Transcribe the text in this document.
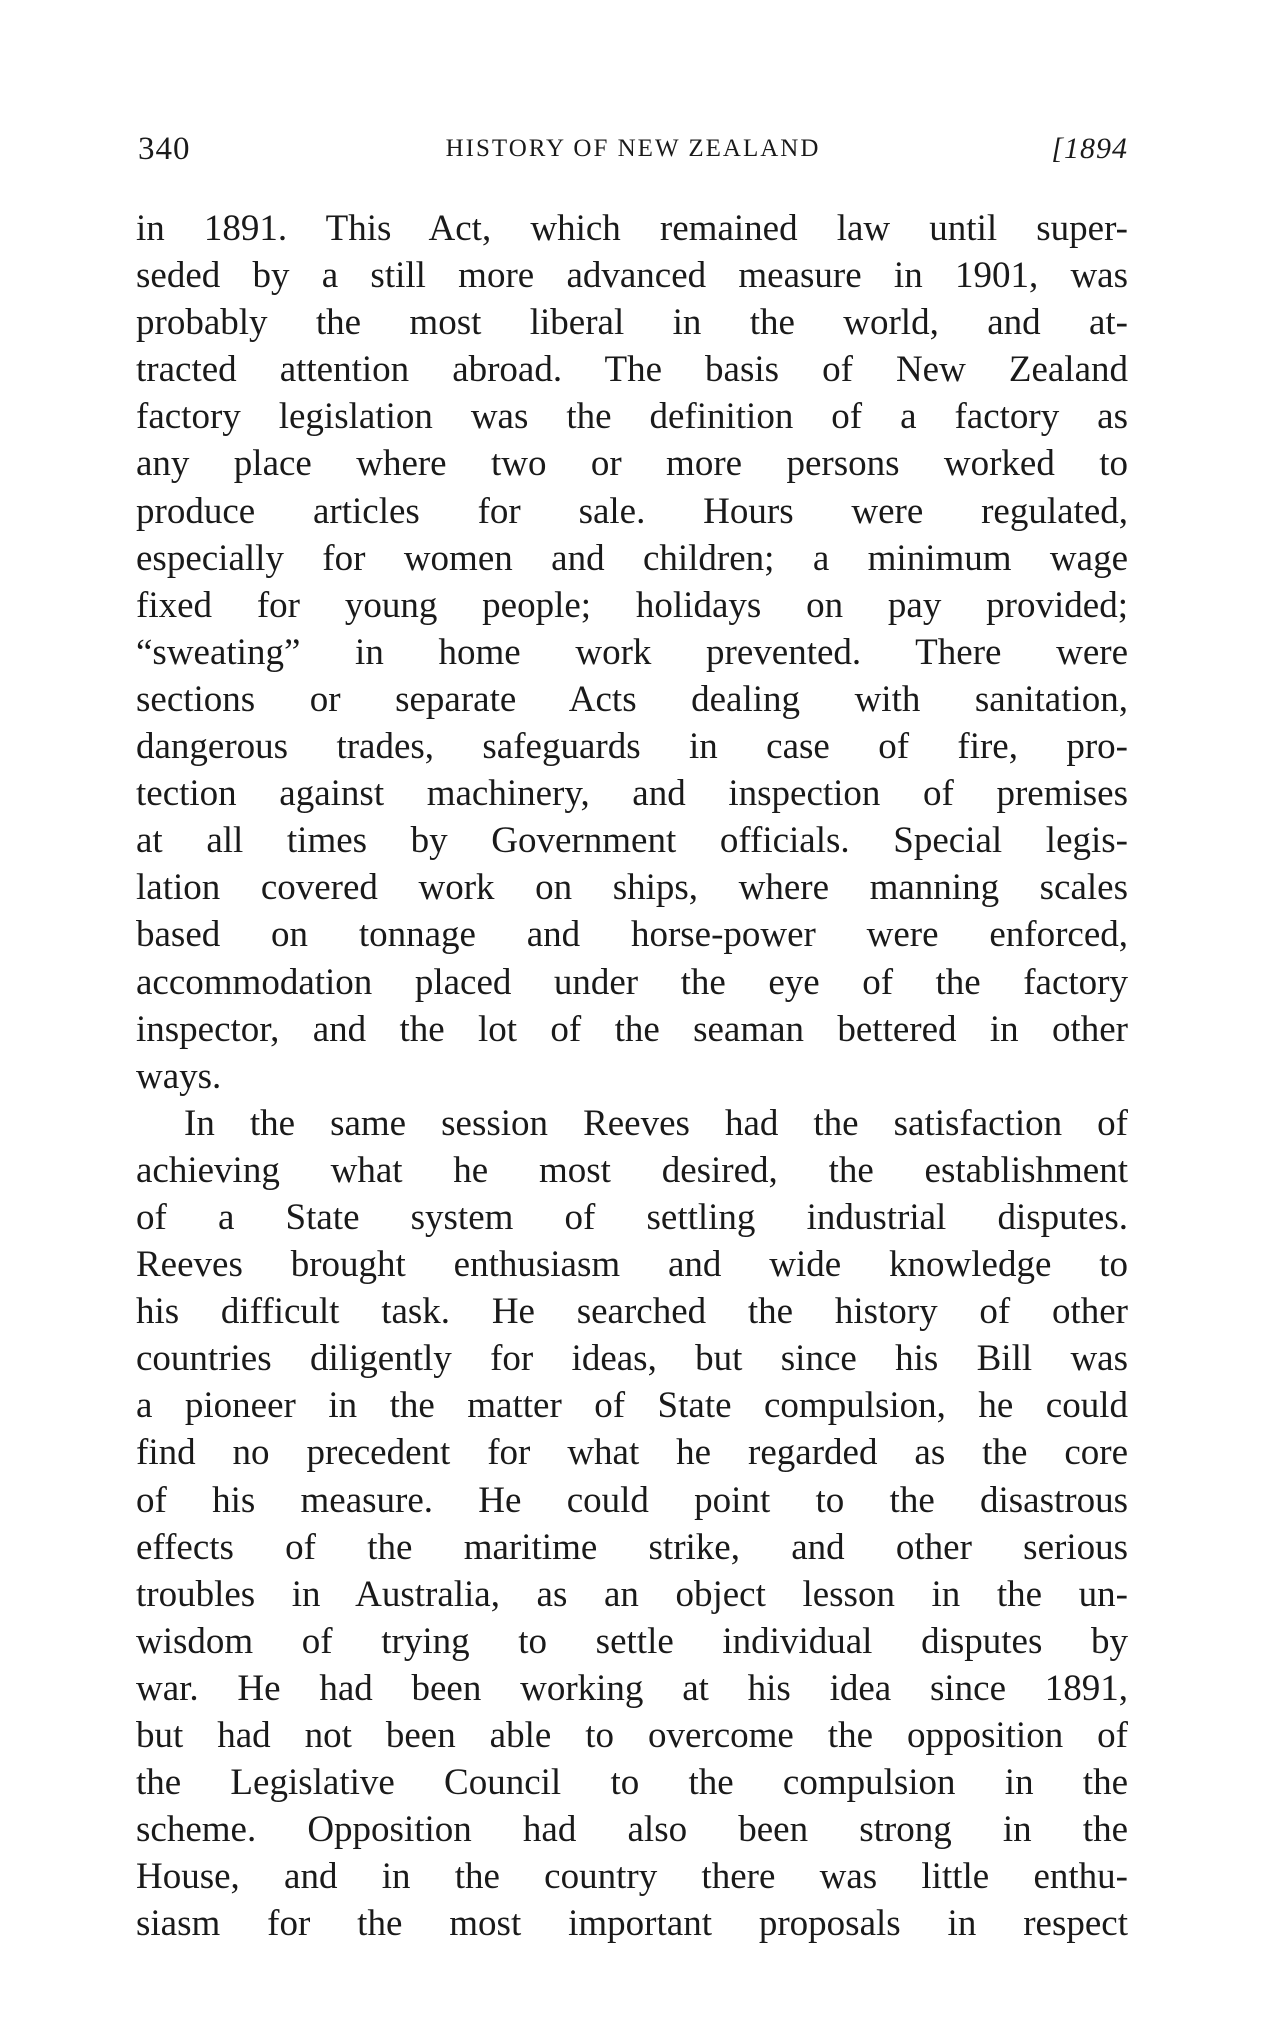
340	HISTORY OF NEW ZEALAND	[1894
in 1891. This Act, which remained law until super-
seded by a still more advanced measure in 1901, was
probably the most liberal in the world, and at-
tracted attention abroad. The basis of New Zealand
factory legislation was the definition of a factory as
any place where two or more persons worked to
produce articles for sale. Hours were regulated,
especially for women and children; a minimum wage
fixed for young people; holidays on pay provided;
“sweating” in home work prevented. There were
sections or separate Acts dealing with sanitation,
dangerous trades, safeguards in case of fire, pro-
tection against machinery, and inspection of premises
at all times by Government officials. Special legis-
lation covered work on ships, where manning scales
based on tonnage and horse-power were enforced,
accommodation placed under the eye of the factory
inspector, and the lot of the seaman bettered in other
ways.
In the same session Reeves had the satisfaction of
achieving what he most desired, the establishment
of a State system of settling industrial disputes.
Reeves brought enthusiasm and wide knowledge to
his difficult task. He searched the history of other
countries diligently for ideas, but since his Bill was
a pioneer in the matter of State compulsion, he could
find no precedent for what he regarded as the core
of his measure. He could point to the disastrous
effects of the maritime strike, and other serious
troubles in Australia, as an object lesson in the un-
wisdom of trying to settle individual disputes by
war. He had been working at his idea since 1891,
but had not been able to overcome the opposition of
the Legislative Council to the compulsion in the
scheme. Opposition had also been strong in the
House, and in the country there was little enthu-
siasm for the most important proposals in respect
